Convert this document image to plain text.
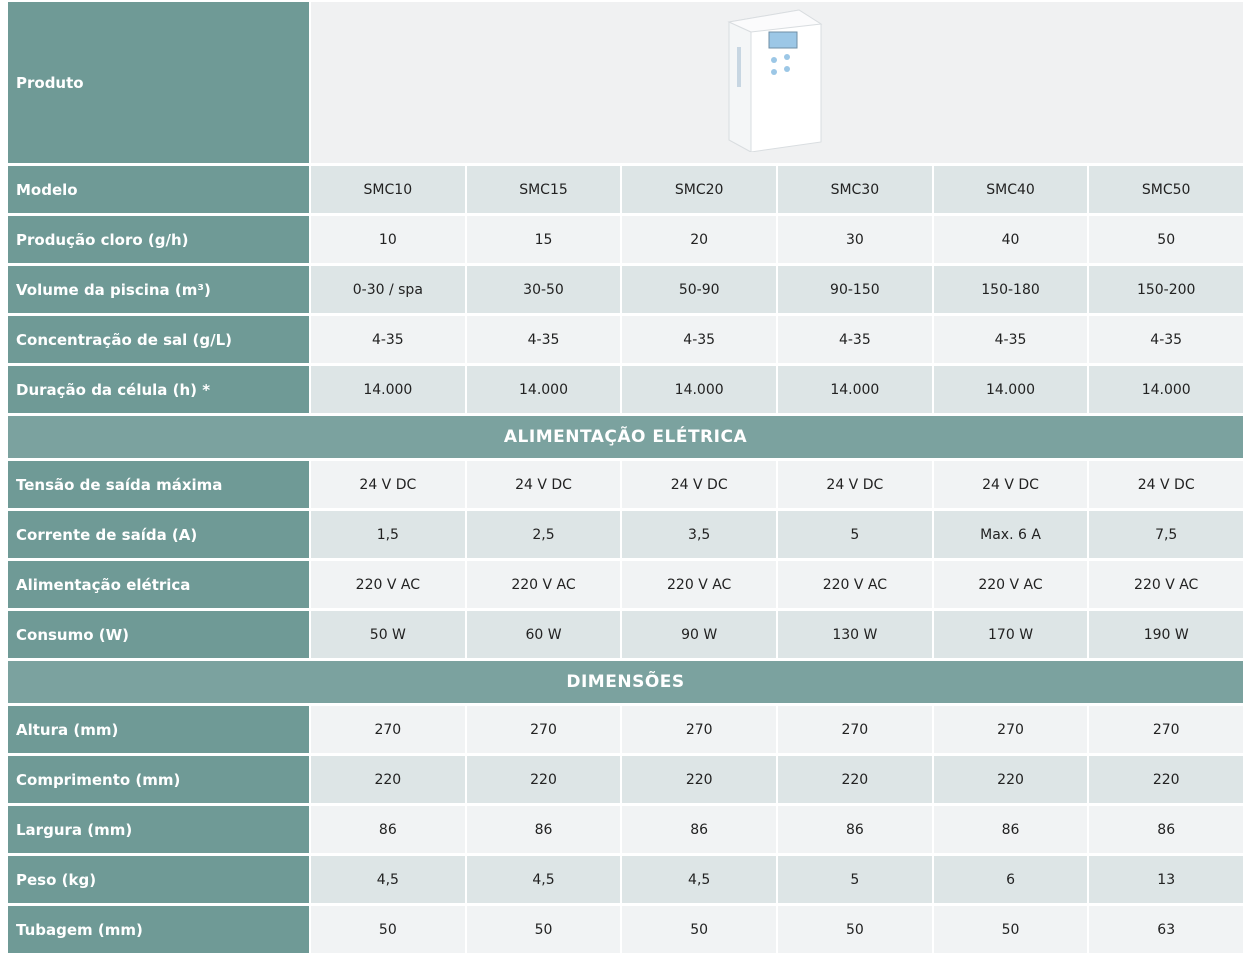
Produto
Modelo	SMC10	SMC15	SMC20	SMC30	SMC40	SMC50
Produção cloro (g/h)	10	15	20	30	40	50
Volume da piscina (m³)	0-30 / spa	30-50	50-90	90-150	150-180	150-200
Concentração de sal (g/L)	4-35	4-35	4-35	4-35	4-35	4-35
Duração da célula (h) *	14.000	14.000	14.000	14.000	14.000	14.000
ALIMENTAÇÃO ELÉTRICA
Tensão de saída máxima	24 V DC	24 V DC	24 V DC	24 V DC	24 V DC	24 V DC
Corrente de saída (A)	1,5	2,5	3,5	5	Max. 6 A	7,5
Alimentação elétrica	220 V AC	220 V AC	220 V AC	220 V AC	220 V AC	220 V AC
Consumo (W)	50 W	60 W	90 W	130 W	170 W	190 W
DIMENSÕES
Altura (mm)	270	270	270	270	270	270
Comprimento (mm)	220	220	220	220	220	220
Largura (mm)	86	86	86	86	86	86
Peso (kg)	4,5	4,5	4,5	5	6	13
Tubagem (mm)	50	50	50	50	50	63
